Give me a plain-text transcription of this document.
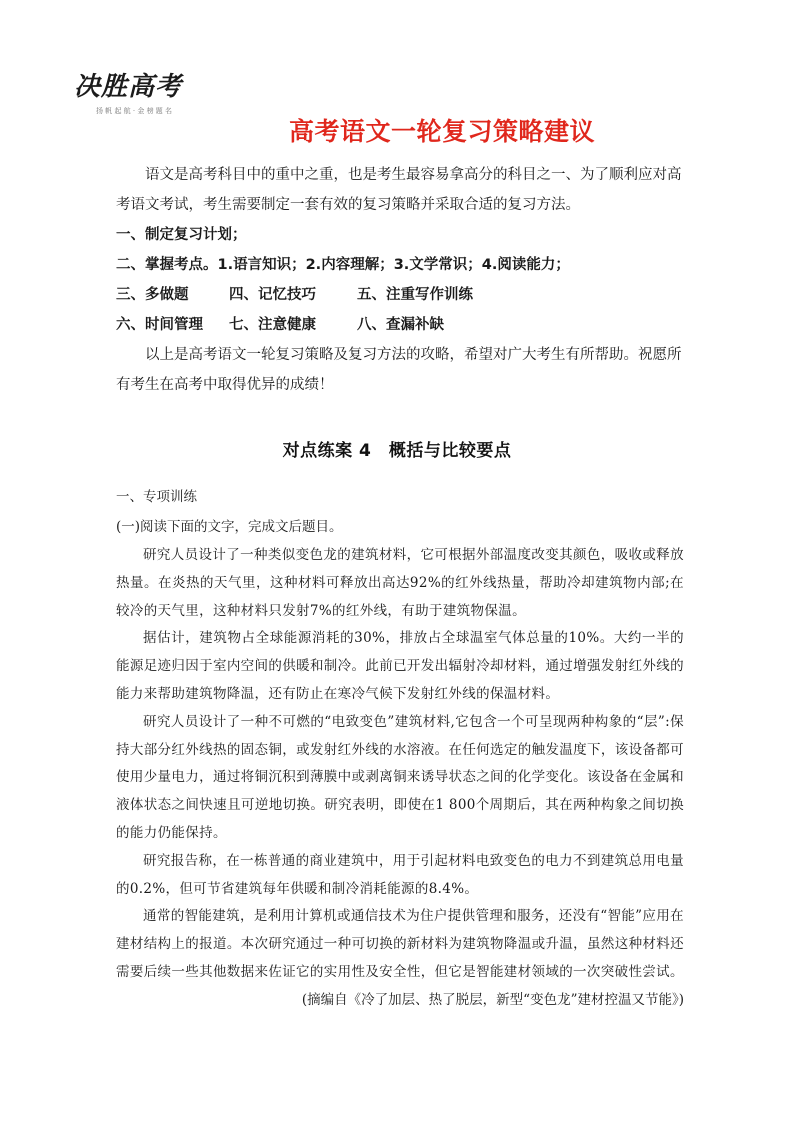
决胜高考
扬 帆 起 航 · 金 榜 题 名
高考语文一轮复习策略建议

语文是高考科目中的重中之重，也是考生最容易拿高分的科目之一、为了顺利应对高考语文考试，考生需要制定一套有效的复习策略并采取合适的复习方法。

一、制定复习计划；

二、掌握考点。1.语言知识；2.内容理解；3.文学常识；4.阅读能力；

三、多做题	四、记忆技巧	五、注重写作训练

六、时间管理 七、注意健康	八、查漏补缺

以上是高考语文一轮复习策略及复习方法的攻略，希望对广大考生有所帮助。祝愿所有考生在高考中取得优异的成绩！

对点练案 4　概括与比较要点

一、专项训练

(一)阅读下面的文字，完成文后题目。

研究人员设计了一种类似变色龙的建筑材料，它可根据外部温度改变其颜色，吸收或释放热量。在炎热的天气里，这种材料可释放出高达92%的红外线热量，帮助冷却建筑物内部;在较冷的天气里，这种材料只发射7%的红外线，有助于建筑物保温。

据估计，建筑物占全球能源消耗的30%，排放占全球温室气体总量的10%。大约一半的能源足迹归因于室内空间的供暖和制冷。此前已开发出辐射冷却材料，通过增强发射红外线的能力来帮助建筑物降温，还有防止在寒冷气候下发射红外线的保温材料。

研究人员设计了一种不可燃的“电致变色”建筑材料,它包含一个可呈现两种构象的“层”:保持大部分红外线热的固态铜，或发射红外线的水溶液。在任何选定的触发温度下，该设备都可使用少量电力，通过将铜沉积到薄膜中或剥离铜来诱导状态之间的化学变化。该设备在金属和液体状态之间快速且可逆地切换。研究表明，即使在1 800个周期后，其在两种构象之间切换的能力仍能保持。

研究报告称，在一栋普通的商业建筑中，用于引起材料电致变色的电力不到建筑总用电量的0.2%，但可节省建筑每年供暖和制冷消耗能源的8.4%。

通常的智能建筑，是利用计算机或通信技术为住户提供管理和服务，还没有“智能”应用在建材结构上的报道。本次研究通过一种可切换的新材料为建筑物降温或升温，虽然这种材料还需要后续一些其他数据来佐证它的实用性及安全性，但它是智能建材领域的一次突破性尝试。

(摘编自《冷了加层、热了脱层，新型“变色龙”建材控温又节能》)
